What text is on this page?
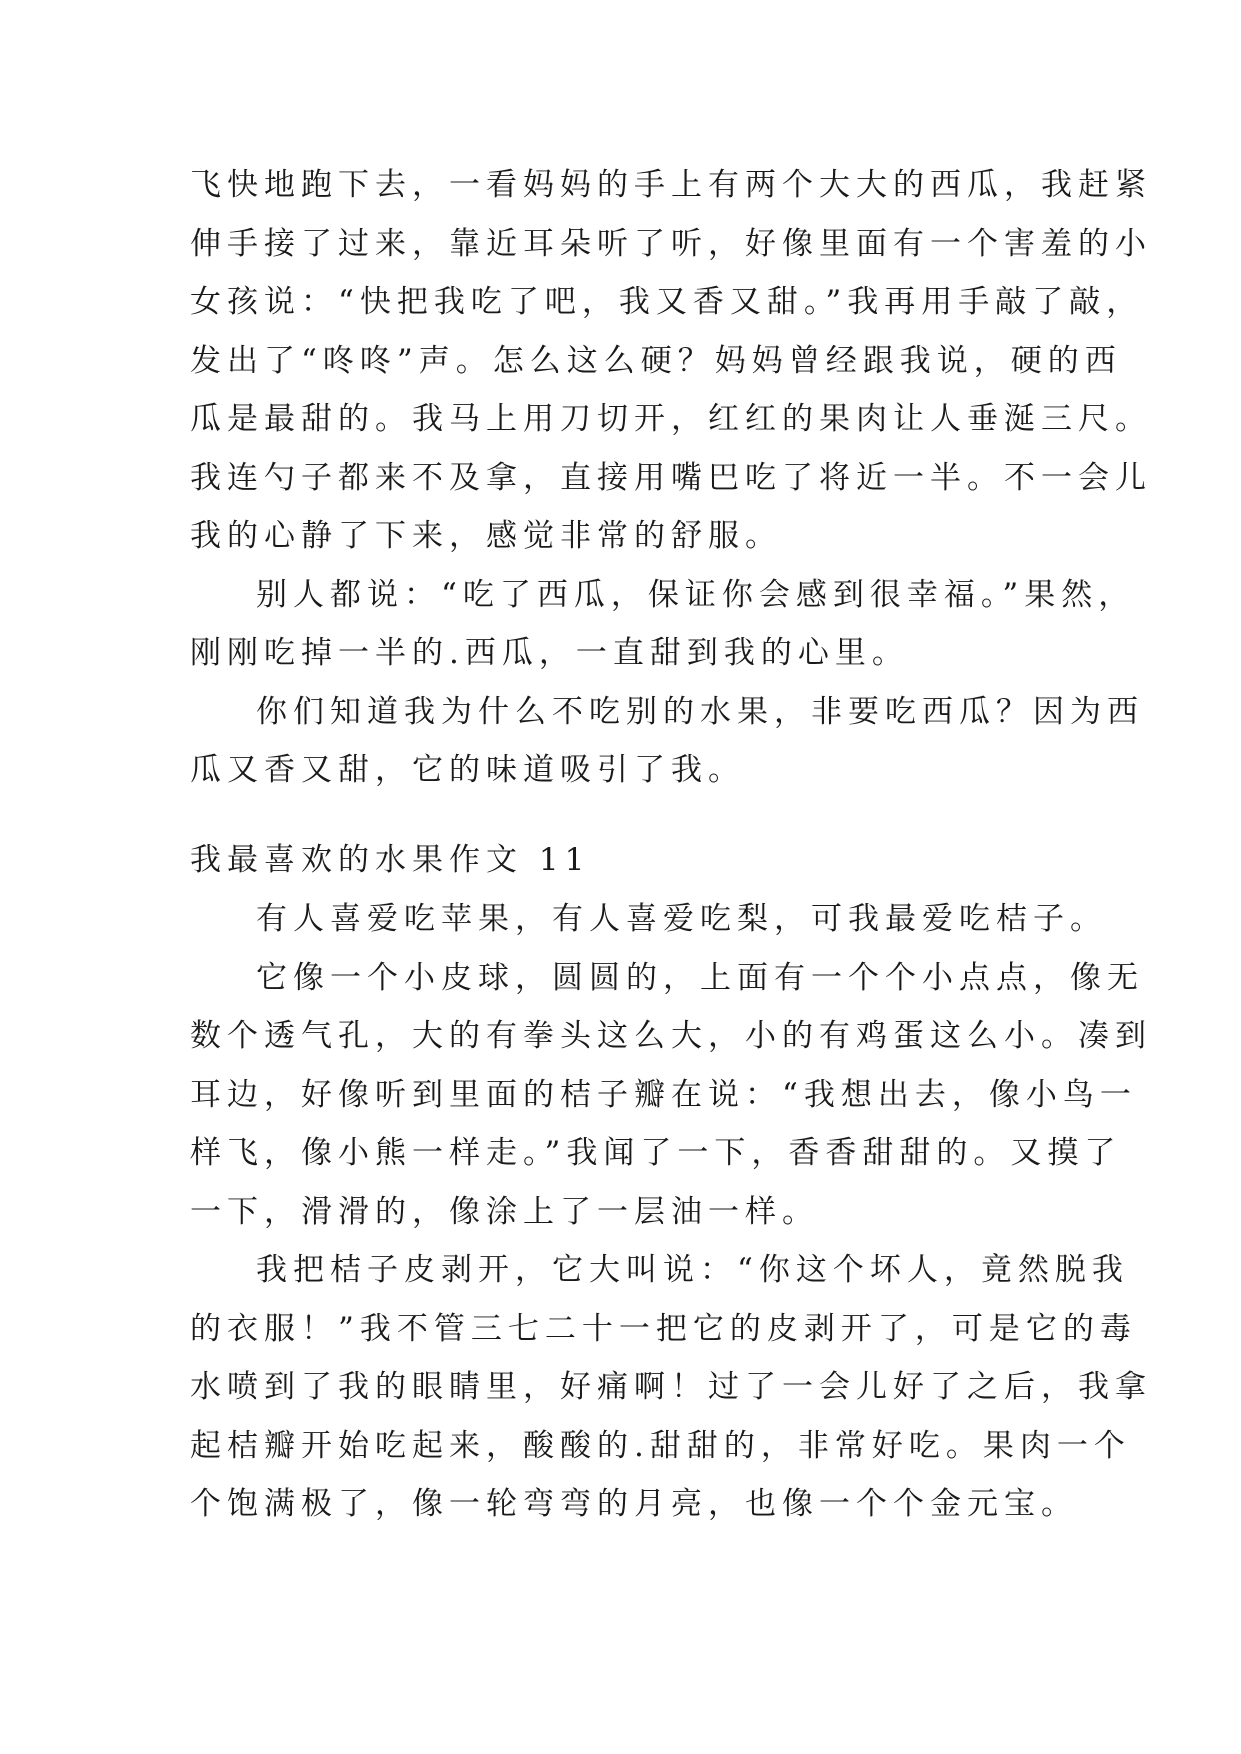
飞快地跑下去，一看妈妈的手上有两个大大的西瓜，我赶紧
伸手接了过来，靠近耳朵听了听，好像里面有一个害羞的小
女孩说：“快把我吃了吧，我又香又甜。”我再用手敲了敲，
发出了“咚咚”声。怎么这么硬？妈妈曾经跟我说，硬的西
瓜是最甜的。我马上用刀切开，红红的果肉让人垂涎三尺。
我连勺子都来不及拿，直接用嘴巴吃了将近一半。不一会儿
我的心静了下来，感觉非常的舒服。
别人都说：“吃了西瓜，保证你会感到很幸福。”果然，
刚刚吃掉一半的.西瓜，一直甜到我的心里。
你们知道我为什么不吃别的水果，非要吃西瓜？因为西
瓜又香又甜，它的味道吸引了我。
我最喜欢的水果作文 11
有人喜爱吃苹果，有人喜爱吃梨，可我最爱吃桔子。
它像一个小皮球，圆圆的，上面有一个个小点点，像无
数个透气孔，大的有拳头这么大，小的有鸡蛋这么小。凑到
耳边，好像听到里面的桔子瓣在说：“我想出去，像小鸟一
样飞，像小熊一样走。”我闻了一下，香香甜甜的。又摸了
一下，滑滑的，像涂上了一层油一样。
我把桔子皮剥开，它大叫说：“你这个坏人，竟然脱我
的衣服！”我不管三七二十一把它的皮剥开了，可是它的毒
水喷到了我的眼睛里，好痛啊！过了一会儿好了之后，我拿
起桔瓣开始吃起来，酸酸的.甜甜的，非常好吃。果肉一个
个饱满极了，像一轮弯弯的月亮，也像一个个金元宝。
